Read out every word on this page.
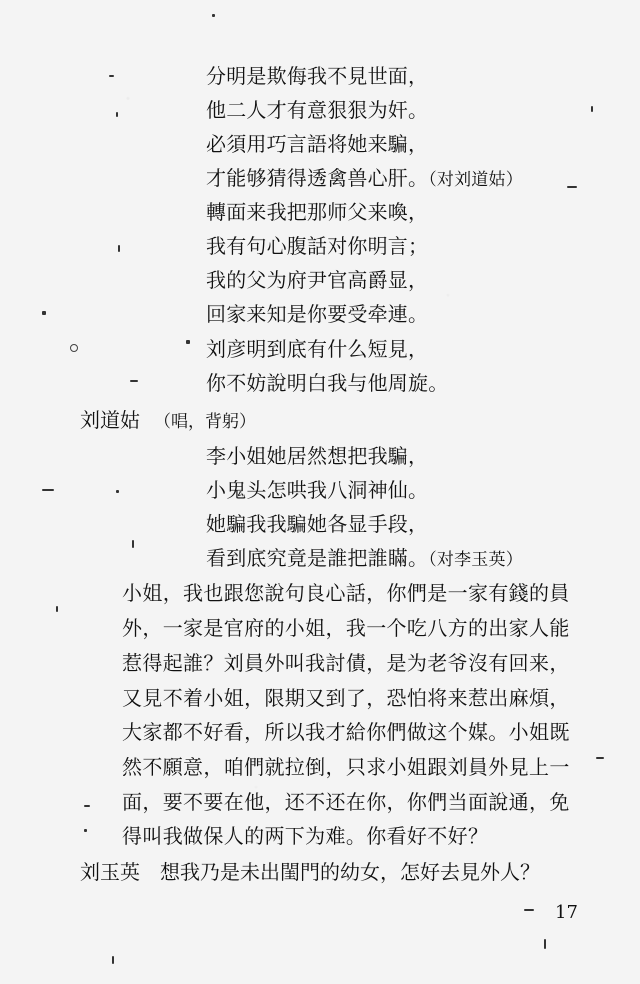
分明是欺侮我不見世面，
他二人才有意狠狠为奸。
必須用巧言語将她来騙，
才能够猜得透禽兽心肝。（对刘道姑）
轉面来我把那师父来喚，
我有句心腹話对你明言；
我的父为府尹官高爵显，
回家来知是你要受牵連。
刘彦明到底有什么短見，
你不妨說明白我与他周旋。
刘道姑 （唱，背躬）
李小姐她居然想把我騙，
小鬼头怎哄我八洞神仙。
她騙我我騙她各显手段，
看到底究竟是誰把誰瞞。（对李玉英）
小姐，我也跟您說句良心話，你們是一家有錢的員
外，一家是官府的小姐，我一个吃八方的出家人能
惹得起誰？刘員外叫我討債，是为老爷沒有回来，
又見不着小姐，限期又到了，恐怕将来惹出麻煩，
大家都不好看，所以我才給你們做这个媒。小姐既
然不願意，咱們就拉倒，只求小姐跟刘員外見上一
面，要不要在他，还不还在你，你們当面說通，免
得叫我做保人的两下为难。你看好不好？
刘玉英 想我乃是未出閨門的幼女，怎好去見外人？
17
